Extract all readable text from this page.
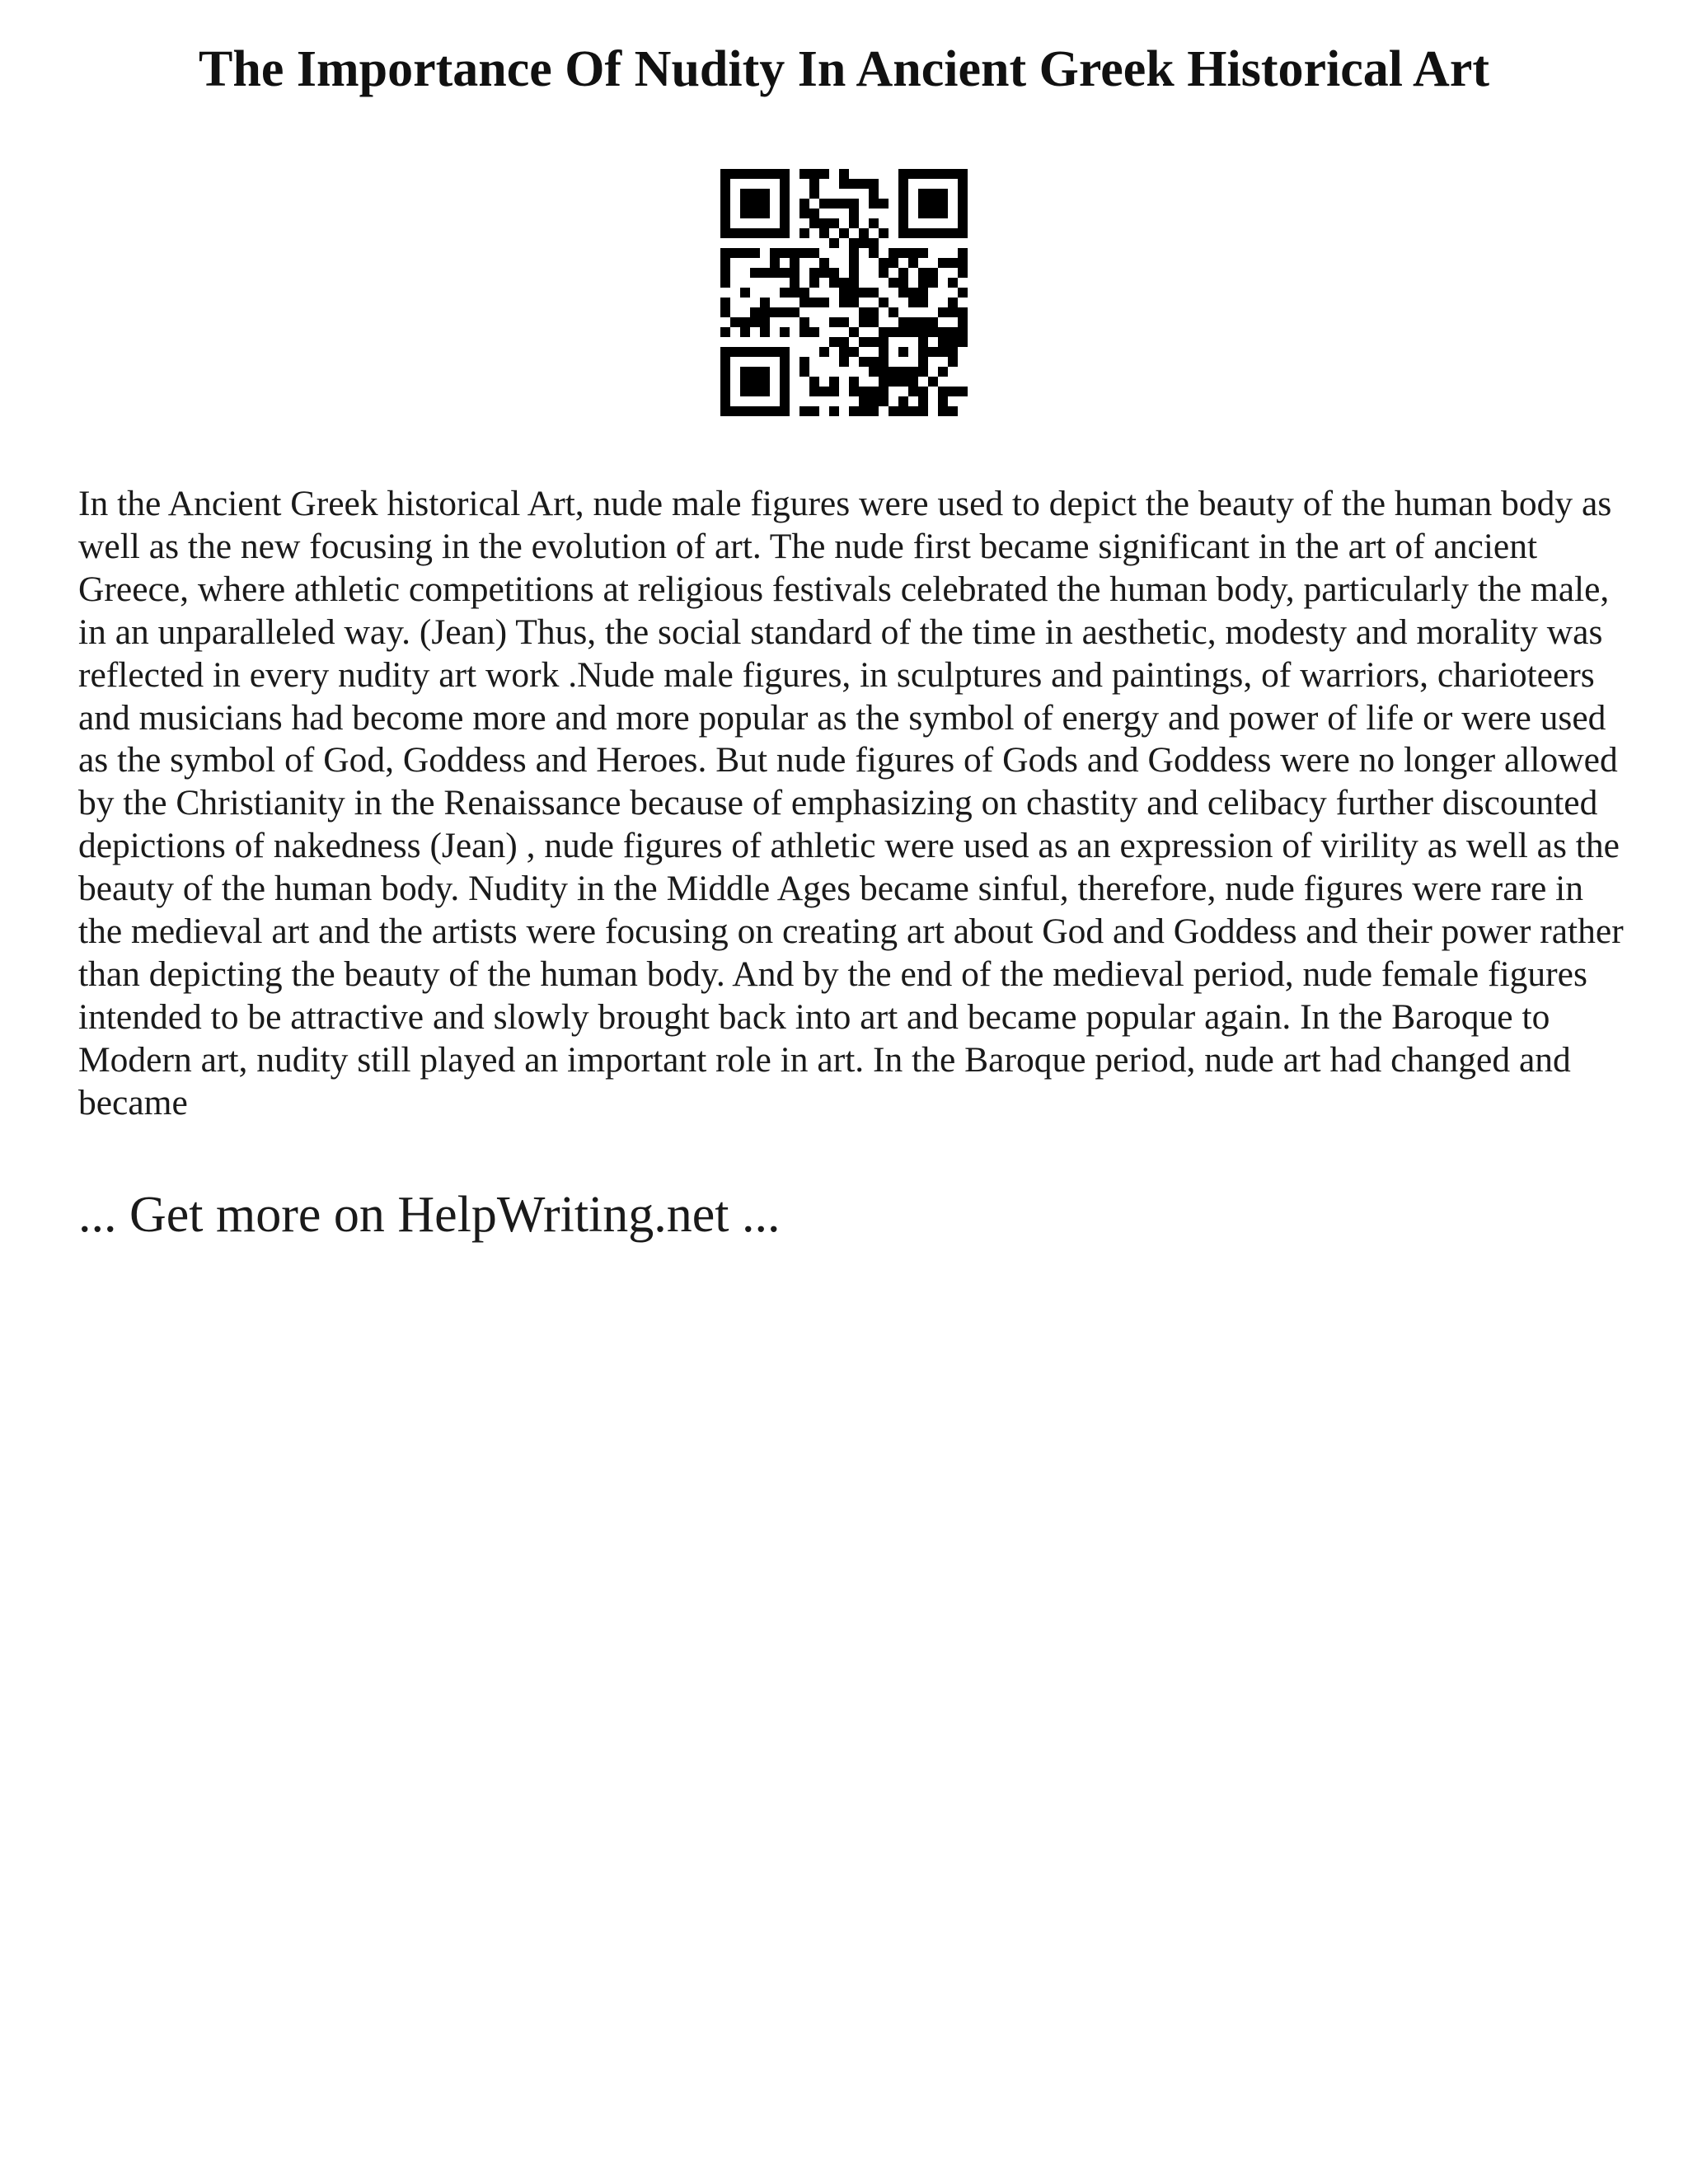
The Importance Of Nudity In Ancient Greek Historical Art

In the Ancient Greek historical Art, nude male figures were used to depict the beauty of the human body as well as the new focusing in the evolution of art. The nude first became significant in the art of ancient Greece, where athletic competitions at religious festivals celebrated the human body, particularly the male, in an unparalleled way. (Jean) Thus, the social standard of the time in aesthetic, modesty and morality was reflected in every nudity art work .Nude male figures, in sculptures and paintings, of warriors, charioteers and musicians had become more and more popular as the symbol of energy and power of life or were used as the symbol of God, Goddess and Heroes. But nude figures of Gods and Goddess were no longer allowed by the Christianity in the Renaissance because of emphasizing on chastity and celibacy further discounted depictions of nakedness (Jean) , nude figures of athletic were used as an expression of virility as well as the beauty of the human body. Nudity in the Middle Ages became sinful, therefore, nude figures were rare in the medieval art and the artists were focusing on creating art about God and Goddess and their power rather than depicting the beauty of the human body. And by the end of the medieval period, nude female figures intended to be attractive and slowly brought back into art and became popular again. In the Baroque to Modern art, nudity still played an important role in art. In the Baroque period, nude art had changed and became

... Get more on HelpWriting.net ...
